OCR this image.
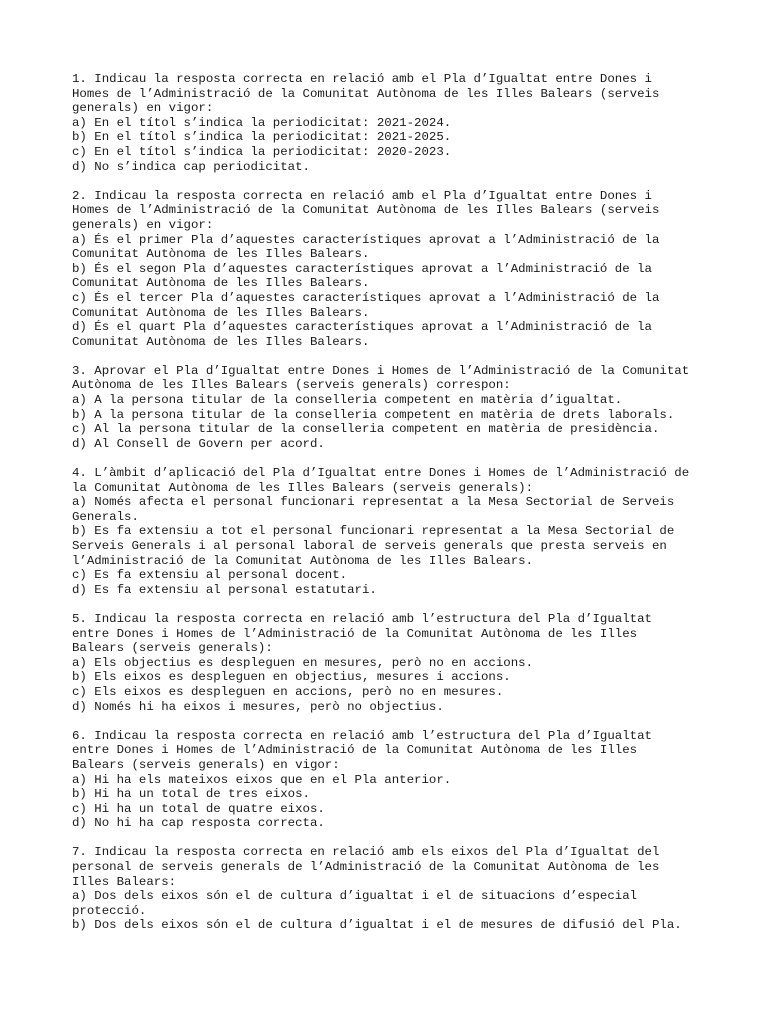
1. Indicau la resposta correcta en relació amb el Pla d’Igualtat entre Dones i
Homes de l’Administració de la Comunitat Autònoma de les Illes Balears (serveis
generals) en vigor:
a) En el títol s’indica la periodicitat: 2021-2024.
b) En el títol s’indica la periodicitat: 2021-2025.
c) En el títol s’indica la periodicitat: 2020-2023.
d) No s’indica cap periodicitat.
2. Indicau la resposta correcta en relació amb el Pla d’Igualtat entre Dones i
Homes de l’Administració de la Comunitat Autònoma de les Illes Balears (serveis
generals) en vigor:
a) És el primer Pla d’aquestes característiques aprovat a l’Administració de la
Comunitat Autònoma de les Illes Balears.
b) És el segon Pla d’aquestes característiques aprovat a l’Administració de la
Comunitat Autònoma de les Illes Balears.
c) És el tercer Pla d’aquestes característiques aprovat a l’Administració de la
Comunitat Autònoma de les Illes Balears.
d) És el quart Pla d’aquestes característiques aprovat a l’Administració de la
Comunitat Autònoma de les Illes Balears.
3. Aprovar el Pla d’Igualtat entre Dones i Homes de l’Administració de la Comunitat
Autònoma de les Illes Balears (serveis generals) correspon:
a) A la persona titular de la conselleria competent en matèria d’igualtat.
b) A la persona titular de la conselleria competent en matèria de drets laborals.
c) Al la persona titular de la conselleria competent en matèria de presidència.
d) Al Consell de Govern per acord.
4. L’àmbit d’aplicació del Pla d’Igualtat entre Dones i Homes de l’Administració de
la Comunitat Autònoma de les Illes Balears (serveis generals):
a) Només afecta el personal funcionari representat a la Mesa Sectorial de Serveis
Generals.
b) Es fa extensiu a tot el personal funcionari representat a la Mesa Sectorial de
Serveis Generals i al personal laboral de serveis generals que presta serveis en
l’Administració de la Comunitat Autònoma de les Illes Balears.
c) Es fa extensiu al personal docent.
d) Es fa extensiu al personal estatutari.
5. Indicau la resposta correcta en relació amb l’estructura del Pla d’Igualtat
entre Dones i Homes de l’Administració de la Comunitat Autònoma de les Illes
Balears (serveis generals):
a) Els objectius es despleguen en mesures, però no en accions.
b) Els eixos es despleguen en objectius, mesures i accions.
c) Els eixos es despleguen en accions, però no en mesures.
d) Només hi ha eixos i mesures, però no objectius.
6. Indicau la resposta correcta en relació amb l’estructura del Pla d’Igualtat
entre Dones i Homes de l’Administració de la Comunitat Autònoma de les Illes
Balears (serveis generals) en vigor:
a) Hi ha els mateixos eixos que en el Pla anterior.
b) Hi ha un total de tres eixos.
c) Hi ha un total de quatre eixos.
d) No hi ha cap resposta correcta.
7. Indicau la resposta correcta en relació amb els eixos del Pla d’Igualtat del
personal de serveis generals de l’Administració de la Comunitat Autònoma de les
Illes Balears:
a) Dos dels eixos són el de cultura d’igualtat i el de situacions d’especial
protecció.
b) Dos dels eixos són el de cultura d’igualtat i el de mesures de difusió del Pla.
